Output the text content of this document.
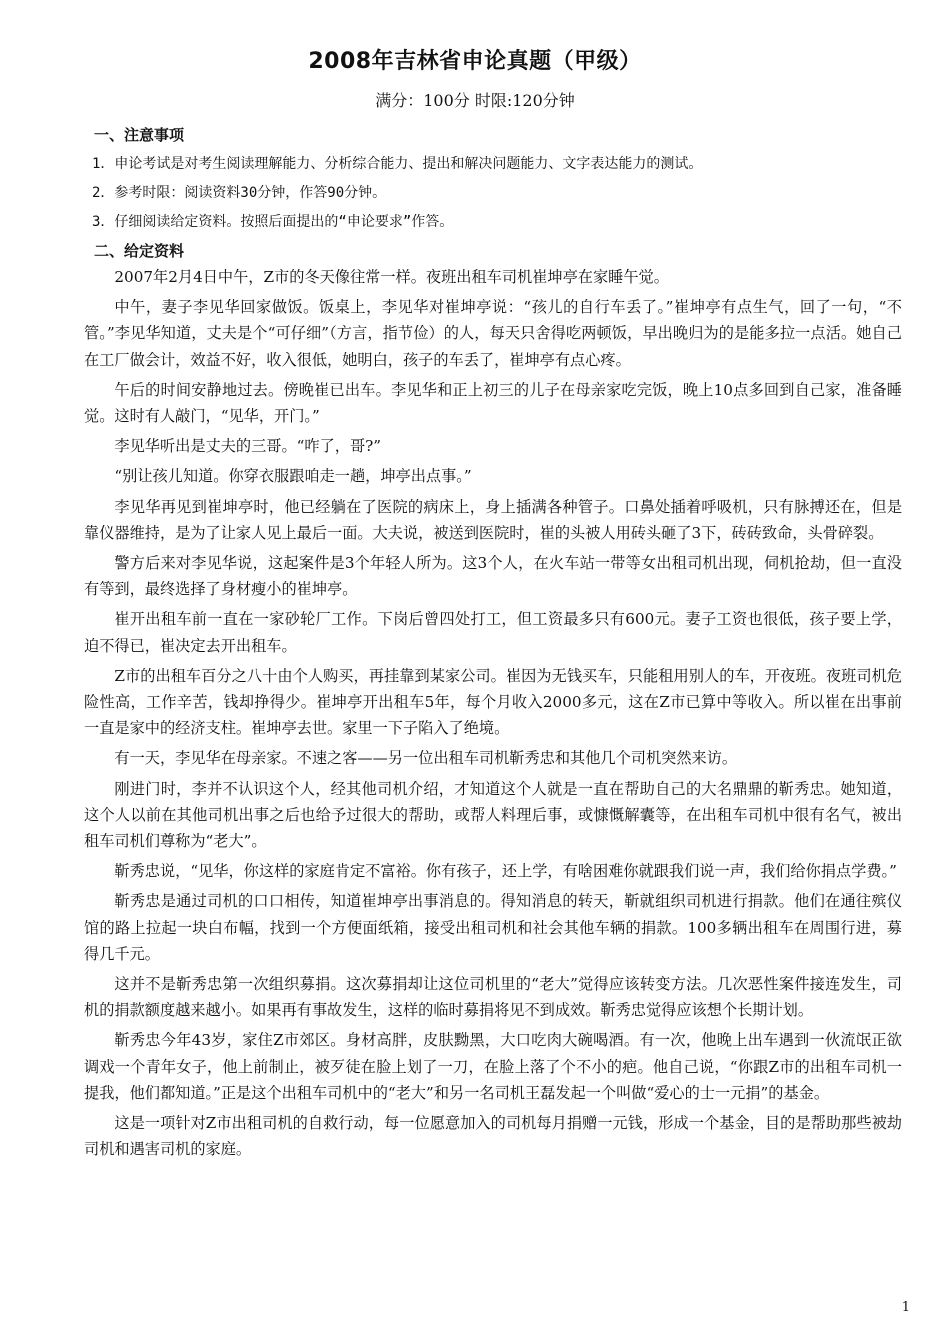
2008年吉林省申论真题（甲级）
满分：100分 时限:120分钟
一、注意事项
1．申论考试是对考生阅读理解能力、分析综合能力、提出和解决问题能力、文字表达能力的测试。
2．参考时限：阅读资料30分钟，作答90分钟。
3．仔细阅读给定资料。按照后面提出的“申论要求”作答。
二、给定资料

2007年2月4日中午，Z市的冬天像往常一样。夜班出租车司机崔坤亭在家睡午觉。

中午，妻子李见华回家做饭。饭桌上，李见华对崔坤亭说：“孩儿的自行车丢了。”崔坤亭有点生气，回了一句，“不管。”李见华知道，丈夫是个“可仔细”（方言，指节俭）的人，每天只舍得吃两顿饭，早出晚归为的是能多拉一点活。她自己在工厂做会计，效益不好，收入很低，她明白，孩子的车丢了，崔坤亭有点心疼。

午后的时间安静地过去。傍晚崔已出车。李见华和正上初三的儿子在母亲家吃完饭，晚上10点多回到自己家，准备睡觉。这时有人敲门，“见华，开门。”

李见华听出是丈夫的三哥。“咋了，哥?”

“别让孩儿知道。你穿衣服跟咱走一趟，坤亭出点事。”

李见华再见到崔坤亭时，他已经躺在了医院的病床上，身上插满各种管子。口鼻处插着呼吸机，只有脉搏还在，但是靠仪器维持，是为了让家人见上最后一面。大夫说，被送到医院时，崔的头被人用砖头砸了3下，砖砖致命，头骨碎裂。

警方后来对李见华说，这起案件是3个年轻人所为。这3个人，在火车站一带等女出租司机出现，伺机抢劫，但一直没有等到，最终选择了身材瘦小的崔坤亭。

崔开出租车前一直在一家砂轮厂工作。下岗后曾四处打工，但工资最多只有600元。妻子工资也很低，孩子要上学，迫不得已，崔决定去开出租车。

Z市的出租车百分之八十由个人购买，再挂靠到某家公司。崔因为无钱买车，只能租用别人的车，开夜班。夜班司机危险性高，工作辛苦，钱却挣得少。崔坤亭开出租车5年，每个月收入2000多元，这在Z市已算中等收入。所以崔在出事前一直是家中的经济支柱。崔坤亭去世。家里一下子陷入了绝境。

有一天，李见华在母亲家。不速之客——另一位出租车司机靳秀忠和其他几个司机突然来访。

刚进门时，李并不认识这个人，经其他司机介绍，才知道这个人就是一直在帮助自己的大名鼎鼎的靳秀忠。她知道，这个人以前在其他司机出事之后也给予过很大的帮助，或帮人料理后事，或慷慨解囊等，在出租车司机中很有名气，被出租车司机们尊称为“老大”。

靳秀忠说，“见华，你这样的家庭肯定不富裕。你有孩子，还上学，有啥困难你就跟我们说一声，我们给你捐点学费。”

靳秀忠是通过司机的口口相传，知道崔坤亭出事消息的。得知消息的转天，靳就组织司机进行捐款。他们在通往殡仪馆的路上拉起一块白布幅，找到一个方便面纸箱，接受出租司机和社会其他车辆的捐款。100多辆出租车在周围行进，募得几千元。

这并不是靳秀忠第一次组织募捐。这次募捐却让这位司机里的“老大”觉得应该转变方法。几次恶性案件接连发生，司机的捐款额度越来越小。如果再有事故发生，这样的临时募捐将见不到成效。靳秀忠觉得应该想个长期计划。

靳秀忠今年43岁，家住Z市郊区。身材高胖，皮肤黝黑，大口吃肉大碗喝酒。有一次，他晚上出车遇到一伙流氓正欲调戏一个青年女子，他上前制止，被歹徒在脸上划了一刀，在脸上落了个不小的疤。他自己说，“你跟Z市的出租车司机一提我，他们都知道。”正是这个出租车司机中的“老大”和另一名司机王磊发起一个叫做“爱心的士一元捐”的基金。

这是一项针对Z市出租司机的自救行动，每一位愿意加入的司机每月捐赠一元钱，形成一个基金，目的是帮助那些被劫司机和遇害司机的家庭。

1
